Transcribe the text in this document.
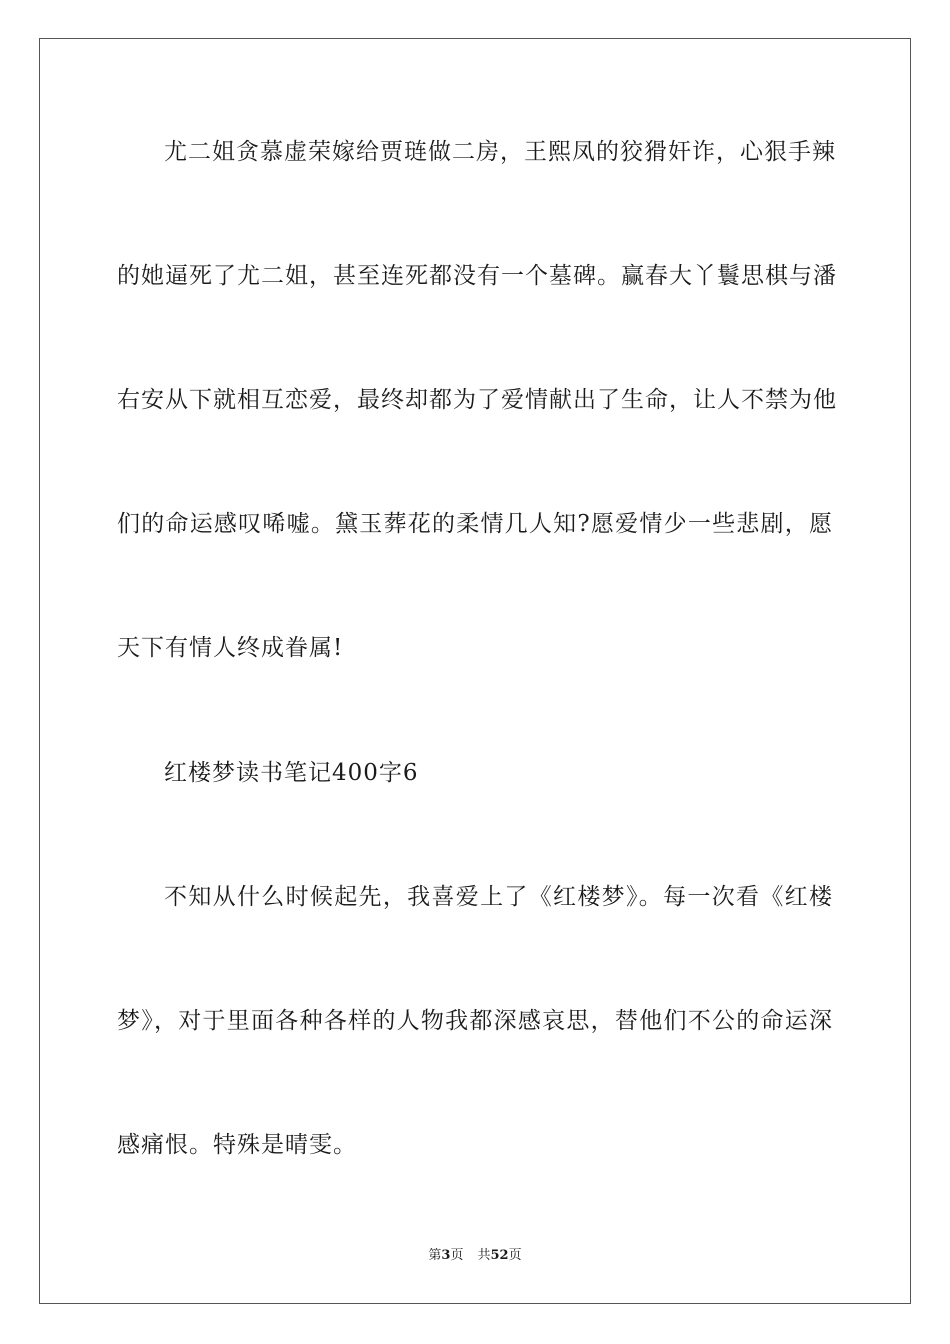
尤二姐贪慕虚荣嫁给贾琏做二房，王熙凤的狡猾奸诈，心狠手辣
的她逼死了尤二姐，甚至连死都没有一个墓碑。赢春大丫鬟思棋与潘
右安从下就相互恋爱，最终却都为了爱情献出了生命，让人不禁为他
们的命运感叹唏嘘。黛玉葬花的柔情几人知?愿爱情少一些悲剧，愿
天下有情人终成眷属!
红楼梦读书笔记400字6
不知从什么时候起先，我喜爱上了《红楼梦》。每一次看《红楼
梦》，对于里面各种各样的人物我都深感哀思，替他们不公的命运深
感痛恨。特殊是晴雯。
第3页 共52页
